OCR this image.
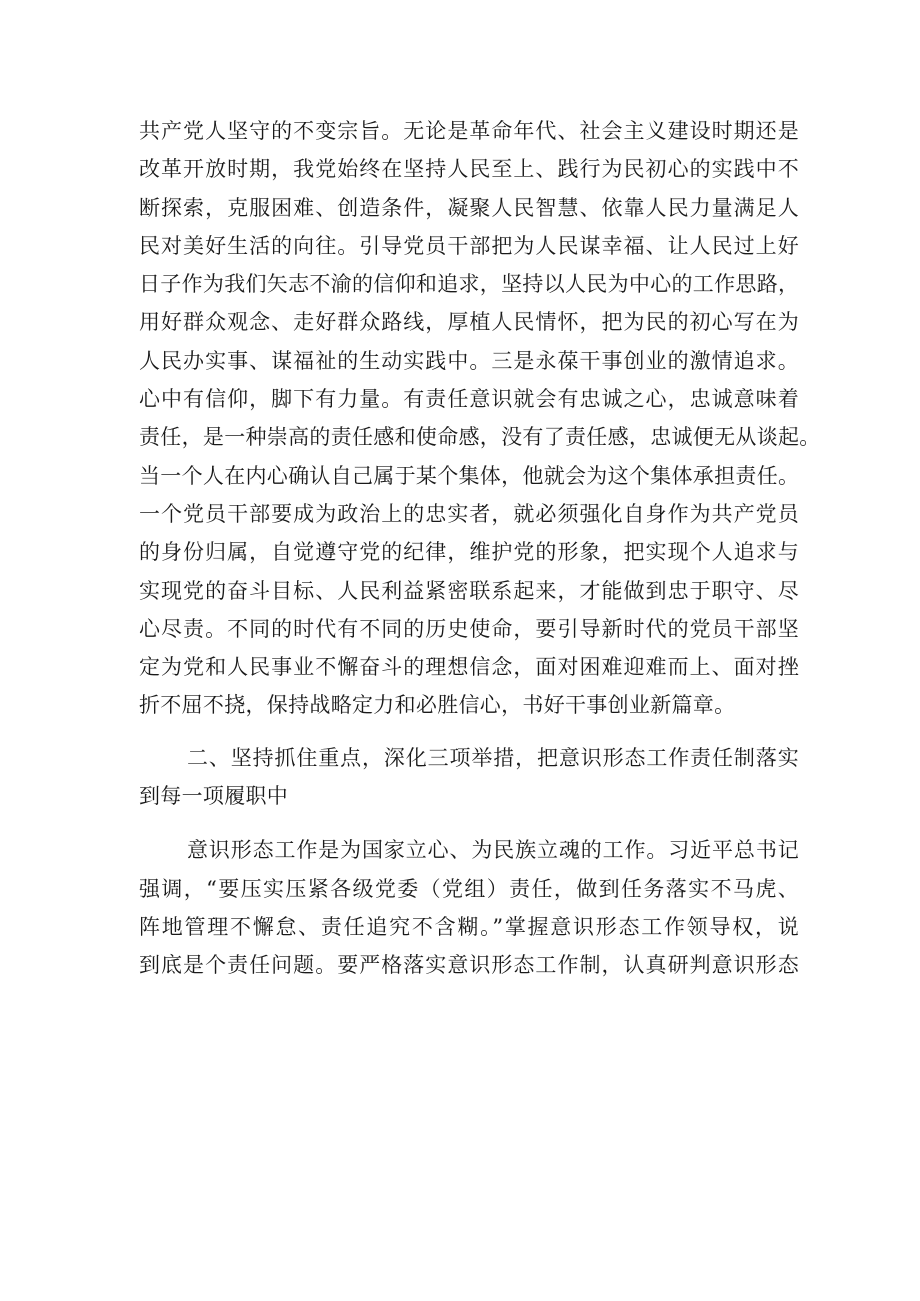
共产党人坚守的不变宗旨。无论是革命年代、社会主义建设时期还是
改革开放时期，我党始终在坚持人民至上、践行为民初心的实践中不
断探索，克服困难、创造条件，凝聚人民智慧、依靠人民力量满足人
民对美好生活的向往。引导党员干部把为人民谋幸福、让人民过上好
日子作为我们矢志不渝的信仰和追求，坚持以人民为中心的工作思路，
用好群众观念、走好群众路线，厚植人民情怀，把为民的初心写在为
人民办实事、谋福祉的生动实践中。三是永葆干事创业的激情追求。
心中有信仰，脚下有力量。有责任意识就会有忠诚之心，忠诚意味着
责任，是一种崇高的责任感和使命感，没有了责任感，忠诚便无从谈起。
当一个人在内心确认自己属于某个集体，他就会为这个集体承担责任。
一个党员干部要成为政治上的忠实者，就必须强化自身作为共产党员
的身份归属，自觉遵守党的纪律，维护党的形象，把实现个人追求与
实现党的奋斗目标、人民利益紧密联系起来，才能做到忠于职守、尽
心尽责。不同的时代有不同的历史使命，要引导新时代的党员干部坚
定为党和人民事业不懈奋斗的理想信念，面对困难迎难而上、面对挫
折不屈不挠，保持战略定力和必胜信心，书好干事创业新篇章。
二、坚持抓住重点，深化三项举措，把意识形态工作责任制落实
到每一项履职中
意识形态工作是为国家立心、为民族立魂的工作。习近平总书记
强调，“要压实压紧各级党委（党组）责任，做到任务落实不马虎、
阵地管理不懈怠、责任追究不含糊。”掌握意识形态工作领导权，说
到底是个责任问题。要严格落实意识形态工作制，认真研判意识形态
